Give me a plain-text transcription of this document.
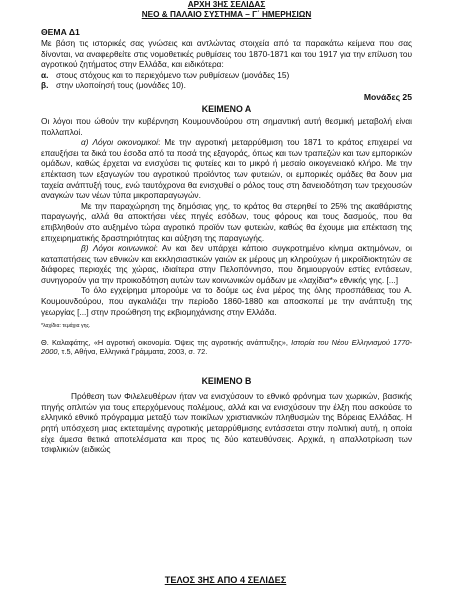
ΑΡΧΗ 3ΗΣ ΣΕΛΙΔΑΣ
ΝΕΟ & ΠΑΛΑΙΟ ΣΥΣΤΗΜΑ – Γ΄ ΗΜΕΡΗΣΙΩΝ
ΘΕΜΑ Δ1

Με βάση τις ιστορικές σας γνώσεις και αντλώντας στοιχεία από τα παρακάτω κείμενα που σας δίνονται, να αναφερθείτε στις νομοθετικές ρυθμίσεις του 1870-1871 και του 1917 για την επίλυση του αγροτικού ζητήματος στην Ελλάδα, και ειδικότερα:

α. στους στόχους και το περιεχόμενο των ρυθμίσεων (μονάδες 15)
β. στην υλοποίησή τους (μονάδες 10).
Μονάδες 25
ΚΕΙΜΕΝΟ Α

Οι λόγοι που ώθούν την κυβέρνηση Κουμουνδούρου στη σημαντική αυτή θεσμική μεταβολή είναι πολλαπλοί.

α) Λόγοι οικονομικοί: Με την αγροτική μεταρρύθμιση του 1871 το κράτος επιχειρεί να επαυξήσει τα δικά του έσοδα από τα ποσά της εξαγοράς, όπως και των τραπεζών και των εμπορικών ομάδων, καθώς έρχεται να ενισχύσει τις φυτείες και το μικρό ή μεσαίο οικογενειακό κλήρο. Με την επέκταση των εξαγωγών του αγροτικού προϊόντος των φυτειών, οι εμπορικές ομάδες θα δουν μια ταχεία ανάπτυξή τους, ενώ ταυτόχρονα θα ενισχυθεί ο ρόλος τους στη δανειοδότηση των τρεχουσών αναγκών των νέων τύπα μικροπαραγωγών.

Με την παραχώρηση της δημόσιας γης, το κράτος θα στερηθεί το 25% της ακαθάριστης παραγωγής, αλλά θα αποκτήσει νέες πηγές εσόδων, τους φόρους και τους δασμούς, που θα επιβληθούν στο αυξημένο τώρα αγροτικό προϊόν των φυτειών, καθώς θα έχουμε μια επέκταση της επιχειρηματικής δραστηριότητας και αύξηση της παραγωγής.

β) Λόγοι κοινωνικοί: Αν και δεν υπάρχει κάποιο συγκροτημένο κίνημα ακτημόνων, οι καταπατήσεις των εθνικών και εκκλησιαστικών γαιών εκ μέρους μη κληρούχων ή μικροϊδιοκτητών σε διάφορες περιοχές της χώρας, ιδιαίτερα στην Πελοπόννησο, που δημιουργούν εστίες εντάσεων, συνηγορούν για την προικοδότηση αυτών των κοινωνικών ομάδων με «λαχίδια*» εθνικής γης. [...]

Το όλο εγχείρημα μπορούμε να το δούμε ως ένα μέρος της όλης προσπάθειας του Α. Κουμουνδούρου, που αγκαλιάζει την περίοδο 1860-1880 και αποσκοπεί με την ανάπτυξη της γεωργίας [...] στην προώθηση της εκβιομηχάνισης στην Ελλάδα.

*λαχίδια: τεμάχια γης.

Θ. Καλαφάτης, «Η αγροτική οικονομία. Όψεις της αγροτικής ανάπτυξης», Ιστορία του Νέου Ελληνισμού 1770-2000, τ.5, Αθήνα, Ελληνικά Γράμματα, 2003, σ. 72.

ΚΕΙΜΕΝΟ Β

Πρόθεση των Φιλελευθέρων ήταν να ενισχύσουν το εθνικό φρόνημα των χωρικών, βασικής πηγής οπλιτών για τους επερχόμενους πολέμους, αλλά και να ενισχύσουν την έλξη που ασκούσε το ελληνικό εθνικό πρόγραμμα μεταξύ των ποικίλων χριστιανικών πληθυσμών της Βόρειας Ελλάδας. Η ρητή υπόσχεση μιας εκτεταμένης αγροτικής μεταρρύθμισης εντάσσεται στην πολιτική αυτή, η οποία είχε άμεσα θετικά αποτελέσματα και προς τις δύο κατευθύνσεις. Αρχικά, η απαλλοτρίωση των τσιφλικιών (ειδικώς

ΤΕΛΟΣ 3ΗΣ ΑΠΟ 4 ΣΕΛΙΔΕΣ
